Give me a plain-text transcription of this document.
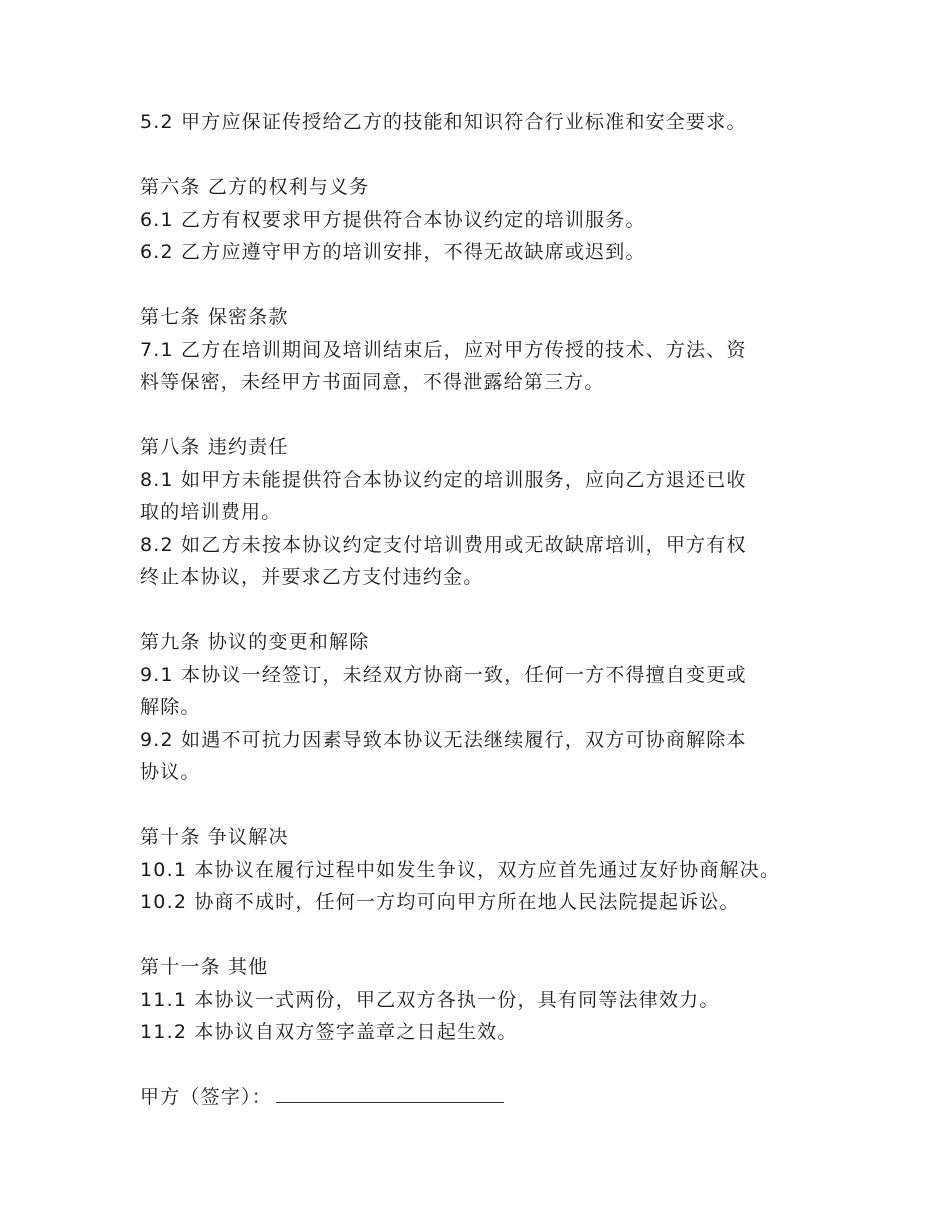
5.2 甲方应保证传授给乙方的技能和知识符合行业标准和安全要求。

第六条 乙方的权利与义务

6.1 乙方有权要求甲方提供符合本协议约定的培训服务。

6.2 乙方应遵守甲方的培训安排，不得无故缺席或迟到。

第七条 保密条款

7.1 乙方在培训期间及培训结束后，应对甲方传授的技术、方法、资

料等保密，未经甲方书面同意，不得泄露给第三方。

第八条 违约责任

8.1 如甲方未能提供符合本协议约定的培训服务，应向乙方退还已收

取的培训费用。

8.2 如乙方未按本协议约定支付培训费用或无故缺席培训，甲方有权

终止本协议，并要求乙方支付违约金。

第九条 协议的变更和解除

9.1 本协议一经签订，未经双方协商一致，任何一方不得擅自变更或

解除。

9.2 如遇不可抗力因素导致本协议无法继续履行，双方可协商解除本

协议。

第十条 争议解决

10.1 本协议在履行过程中如发生争议，双方应首先通过友好协商解决。

10.2 协商不成时，任何一方均可向甲方所在地人民法院提起诉讼。

第十一条 其他

11.1 本协议一式两份，甲乙双方各执一份，具有同等法律效力。

11.2 本协议自双方签字盖章之日起生效。

甲方（签字）：
